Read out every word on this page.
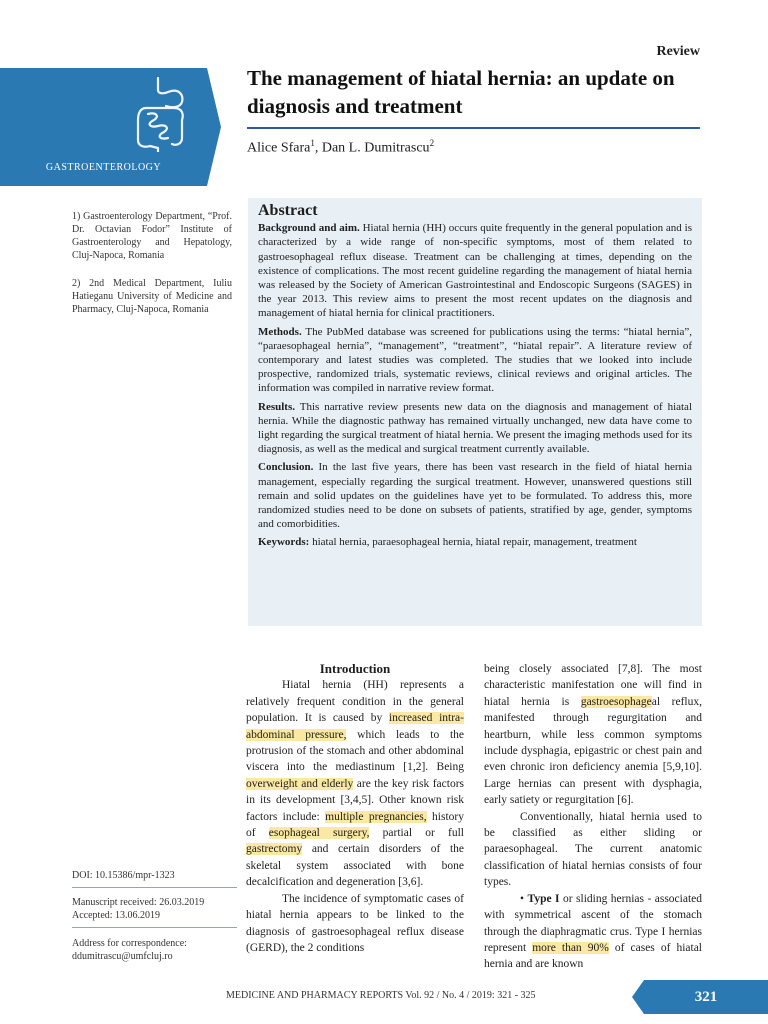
Review
GASTROENTEROLOGY
The management of hiatal hernia: an update on diagnosis and treatment
Alice Sfara$^1$, Dan L. Dumitrascu$^2$
1) Gastroenterology Department, “Prof. Dr. Octavian Fodor” Institute of Gastroenterology and Hepatology, Cluj-Napoca, Romania
2) 2nd Medical Department, Iuliu Hatieganu University of Medicine and Pharmacy, Cluj-Napoca, Romania
Abstract

Background and aim. Hiatal hernia (HH) occurs quite frequently in the general population and is characterized by a wide range of non-specific symptoms, most of them related to gastroesophageal reflux disease. Treatment can be challenging at times, depending on the existence of complications. The most recent guideline regarding the management of hiatal hernia was released by the Society of American Gastrointestinal and Endoscopic Surgeons (SAGES) in the year 2013. This review aims to present the most recent updates on the diagnosis and management of hiatal hernia for clinical practitioners.

Methods. The PubMed database was screened for publications using the terms: “hiatal hernia”, “paraesophageal hernia”, “management”, “treatment”, “hiatal repair”. A literature review of contemporary and latest studies was completed. The studies that we looked into include prospective, randomized trials, systematic reviews, clinical reviews and original articles. The information was compiled in narrative review format.

Results. This narrative review presents new data on the diagnosis and management of hiatal hernia. While the diagnostic pathway has remained virtually unchanged, new data have come to light regarding the surgical treatment of hiatal hernia. We present the imaging methods used for its diagnosis, as well as the medical and surgical treatment currently available.

Conclusion. In the last five years, there has been vast research in the field of hiatal hernia management, especially regarding the surgical treatment. However, unanswered questions still remain and solid updates on the guidelines have yet to be formulated. To address this, more randomized studies need to be done on subsets of patients, stratified by age, gender, symptoms and comorbidities.

Keywords: hiatal hernia, paraesophageal hernia, hiatal repair, management, treatment

Introduction

Hiatal hernia (HH) represents a relatively frequent condition in the general population. It is caused by increased intra-abdominal pressure, which leads to the protrusion of the stomach and other abdominal viscera into the mediastinum [1,2]. Being overweight and elderly are the key risk factors in its development [3,4,5]. Other known risk factors include: multiple pregnancies, history of esophageal surgery, partial or full gastrectomy and certain disorders of the skeletal system associated with bone decalcification and degeneration [3,6].

The incidence of symptomatic cases of hiatal hernia appears to be linked to the diagnosis of gastroesophageal reflux disease (GERD), the 2 conditions

being closely associated [7,8]. The most characteristic manifestation one will find in hiatal hernia is gastroesophageal reflux, manifested through regurgitation and heartburn, while less common symptoms include dysphagia, epigastric or chest pain and even chronic iron deficiency anemia [5,9,10]. Large hernias can present with dysphagia, early satiety or regurgitation [6].

Conventionally, hiatal hernia used to be classified as either sliding or paraesophageal. The current anatomic classification of hiatal hernias consists of four types.

• Type I or sliding hernias - associated with symmetrical ascent of the stomach through the diaphragmatic crus. Type I hernias represent more than 90% of cases of hiatal hernia and are known

DOI: 10.15386/mpr-1323
Manuscript received: 26.03.2019
Accepted: 13.06.2019
Address for correspondence:
ddumitrascu@umfcluj.ro
MEDICINE AND PHARMACY REPORTS Vol. 92 / No. 4 / 2019: 321 - 325	321
